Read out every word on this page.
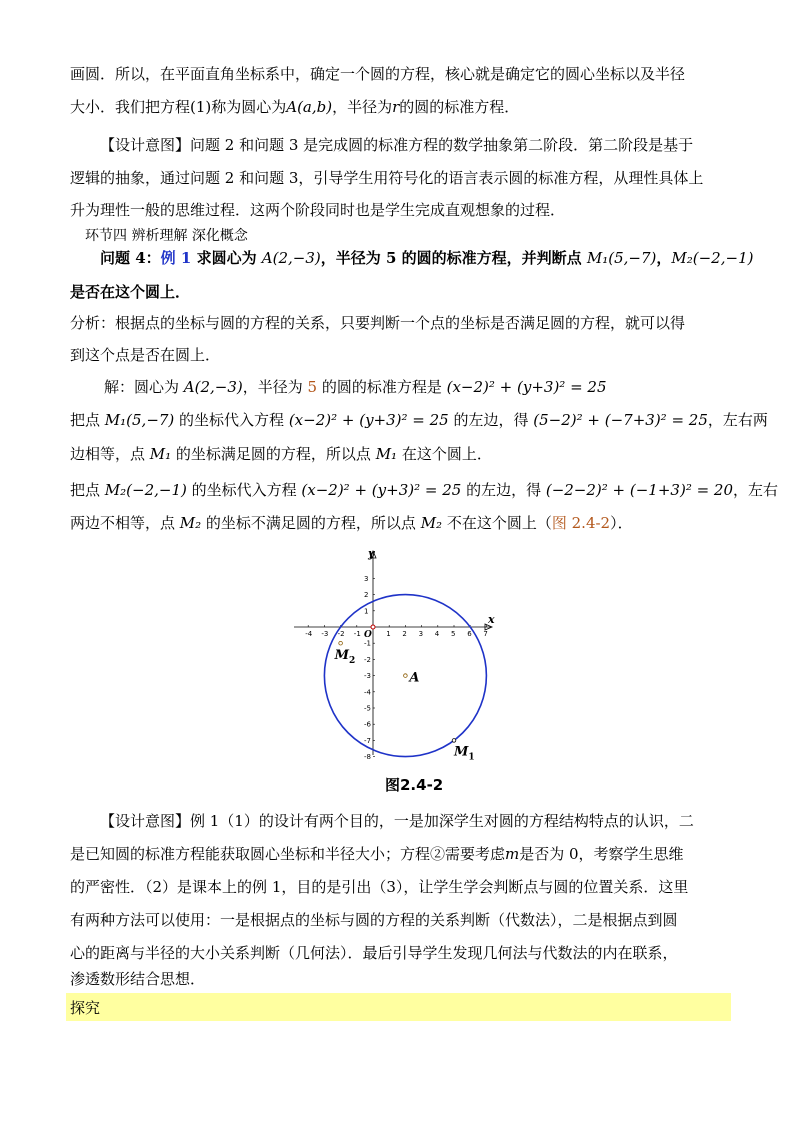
画圆．所以，在平面直角坐标系中，确定一个圆的方程，核心就是确定它的圆心坐标以及半径
大小．我们把方程(1)称为圆心为A(a,b)，半径为r的圆的标准方程．
【设计意图】问题 2 和问题 3 是完成圆的标准方程的数学抽象第二阶段．第二阶段是基于
逻辑的抽象，通过问题 2 和问题 3，引导学生用符号化的语言表示圆的标准方程，从理性具体上
升为理性一般的思维过程．这两个阶段同时也是学生完成直观想象的过程．
环节四 辨析理解 深化概念
问题 4：例 1 求圆心为 A(2,−3)，半径为 5 的圆的标准方程，并判断点 M₁(5,−7)，M₂(−2,−1)
是否在这个圆上．
分析：根据点的坐标与圆的方程的关系，只要判断一个点的坐标是否满足圆的方程，就可以得
到这个点是否在圆上．
解：圆心为 A(2,−3)，半径为 5 的圆的标准方程是 (x−2)² + (y+3)² = 25
把点 M₁(5,−7) 的坐标代入方程 (x−2)² + (y+3)² = 25 的左边，得 (5−2)² + (−7+3)² = 25，左右两
边相等，点 M₁ 的坐标满足圆的方程，所以点 M₁ 在这个圆上．
把点 M₂(−2,−1) 的坐标代入方程 (x−2)² + (y+3)² = 25 的左边，得 (−2−2)² + (−1+3)² = 20，左右
两边不相等，点 M₂ 的坐标不满足圆的方程，所以点 M₂ 不在这个圆上（图 2.4-2）．
-4 -3 -2 -1	1 2 3 4 5 6 7
3
2
1
-1
-2
-3
-4
-5
-6
-7
-8
x
y
O
A
$M_1$
$M_2$
图2.4-2
【设计意图】例 1（1）的设计有两个目的，一是加深学生对圆的方程结构特点的认识，二
是已知圆的标准方程能获取圆心坐标和半径大小；方程②需要考虑m是否为 0，考察学生思维
的严密性．（2）是课本上的例 1，目的是引出（3），让学生学会判断点与圆的位置关系．这里
有两种方法可以使用：一是根据点的坐标与圆的方程的关系判断（代数法），二是根据点到圆
心的距离与半径的大小关系判断（几何法）．最后引导学生发现几何法与代数法的内在联系，
渗透数形结合思想．
探究
